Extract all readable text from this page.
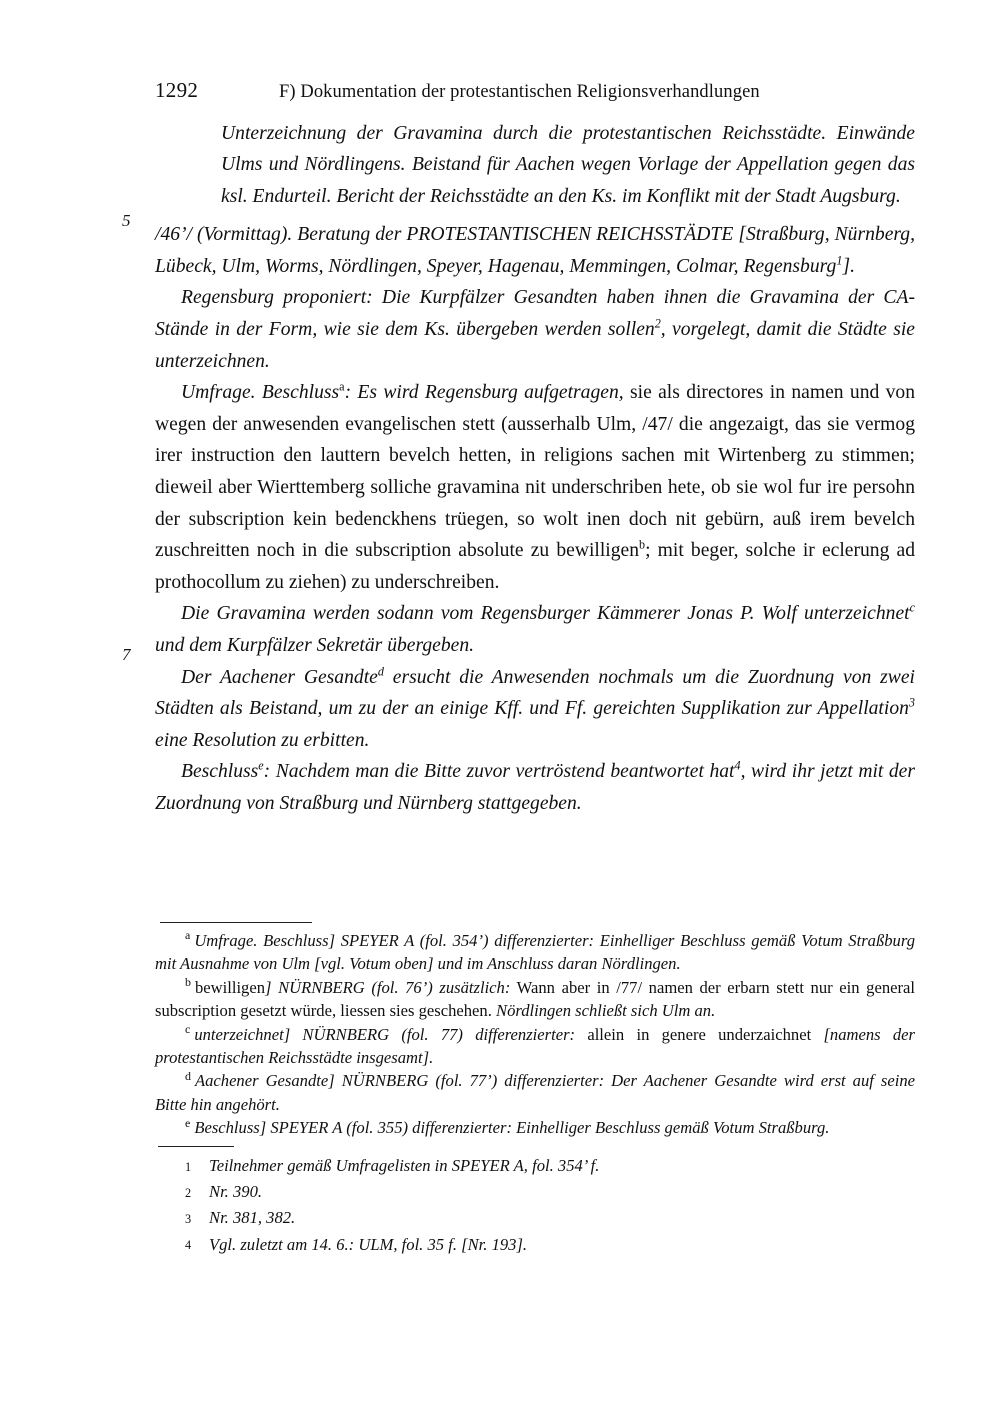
1292	F) Dokumentation der protestantischen Religionsverhandlungen
5
7

Unterzeichnung der Gravamina durch die protestantischen Reichsstädte. Einwände Ulms und Nördlingens. Beistand für Aachen wegen Vorlage der Appellation gegen das ksl. Endurteil. Bericht der Reichsstädte an den Ks. im Konflikt mit der Stadt Augsburg.

/46’/ (Vormittag). Beratung der PROTESTANTISCHEN REICHSSTÄDTE [Straßburg, Nürnberg, Lübeck, Ulm, Worms, Nördlingen, Speyer, Hagenau, Memmingen, Colmar, Regensburg$^1$].

Regensburg proponiert: Die Kurpfälzer Gesandten haben ihnen die Gravamina der CA-Stände in der Form, wie sie dem Ks. übergeben werden sollen$^2$, vorgelegt, damit die Städte sie unterzeichnen.

Umfrage. Beschluss$^a$: Es wird Regensburg aufgetragen, sie als directores in namen und von wegen der anwesenden evangelischen stett (ausserhalb Ulm, /47/ die angezaigt, das sie vermog irer instruction den lauttern bevelch hetten, in religions sachen mit Wirtenberg zu stimmen; dieweil aber Wierttemberg solliche gravamina nit underschriben hete, ob sie wol fur ire persohn der subscription kein bedenckhens trüegen, so wolt inen doch nit gebürn, auß irem bevelch zuschreitten noch in die subscription absolute zu bewilligen$^b$; mit beger, solche ir eclerung ad prothocollum zu ziehen) zu underschreiben.

Die Gravamina werden sodann vom Regensburger Kämmerer Jonas P. Wolf unterzeichnet$^c$ und dem Kurpfälzer Sekretär übergeben.

Der Aachener Gesandte$^d$ ersucht die Anwesenden nochmals um die Zuordnung von zwei Städten als Beistand, um zu der an einige Kff. und Ff. gereichten Supplikation zur Appellation$^3$ eine Resolution zu erbitten.

Beschluss$^e$: Nachdem man die Bitte zuvor vertröstend beantwortet hat$^4$, wird ihr jetzt mit der Zuordnung von Straßburg und Nürnberg stattgegeben.

$^a$ Umfrage. Beschluss] SPEYER A (fol. 354’) differenzierter: Einhelliger Beschluss gemäß Votum Straßburg mit Ausnahme von Ulm [vgl. Votum oben] und im Anschluss daran Nördlingen.

$^b$ bewilligen] NÜRNBERG (fol. 76’) zusätzlich: Wann aber in /77/ namen der erbarn stett nur ein general subscription gesetzt würde, liessen sies geschehen. Nördlingen schließt sich Ulm an.

$^c$ unterzeichnet] NÜRNBERG (fol. 77) differenzierter: allein in genere underzaichnet [namens der protestantischen Reichsstädte insgesamt].

$^d$ Aachener Gesandte] NÜRNBERG (fol. 77’) differenzierter: Der Aachener Gesandte wird erst auf seine Bitte hin angehört.

$^e$ Beschluss] SPEYER A (fol. 355) differenzierter: Einhelliger Beschluss gemäß Votum Straßburg.

1 Teilnehmer gemäß Umfragelisten in SPEYER A, fol. 354’ f.

2 Nr. 390.

3 Nr. 381, 382.

4 Vgl. zuletzt am 14. 6.: ULM, fol. 35 f. [Nr. 193].
